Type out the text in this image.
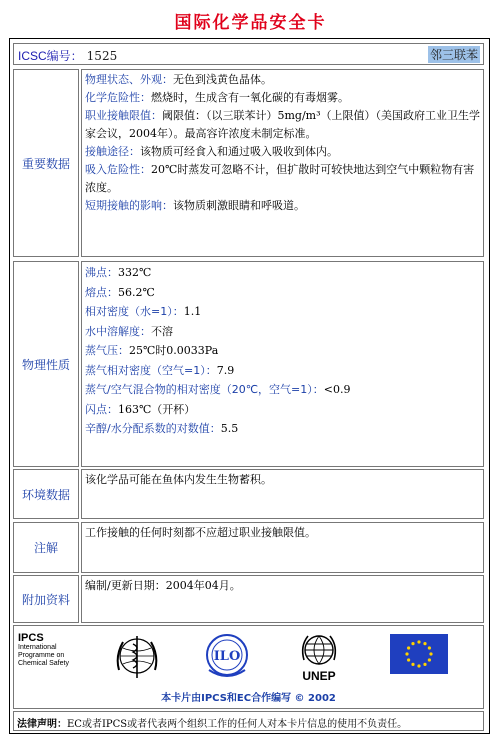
国际化学品安全卡
ICSC编号： 1525	邻三联苯
重要数据
物理状态、外观：无色到浅黄色晶体。
化学危险性：燃烧时，生成含有一氧化碳的有毒烟雾。
职业接触限值：阈限值：（以三联苯计）5mg/m³（上限值）（美国政府工业卫生学家会议，2004年）。最高容许浓度未制定标准。
接触途径：该物质可经食入和通过吸入吸收到体内。
吸入危险性：20℃时蒸发可忽略不计，但扩散时可较快地达到空气中颗粒物有害浓度。
短期接触的影响：该物质刺激眼睛和呼吸道。
物理性质
沸点：332℃
熔点：56.2℃
相对密度（水=1）：1.1
水中溶解度：不溶
蒸气压：25℃时0.0033Pa
蒸气相对密度（空气=1）：7.9
蒸气/空气混合物的相对密度（20℃，空气=1）：<0.9
闪点：163℃（开杯）
辛醇/水分配系数的对数值：5.5
环境数据
该化学品可能在鱼体内发生生物蓄积。
注解
工作接触的任何时刻都不应超过职业接触限值。
附加资料
编制/更新日期：2004年04月。
IPCS
International
Programme on
Chemical Safety	ILO
UNEP
本卡片由IPCS和EC合作编写 © 2002
法律声明：EC或者IPCS或者代表两个组织工作的任何人对本卡片信息的使用不负责任。
